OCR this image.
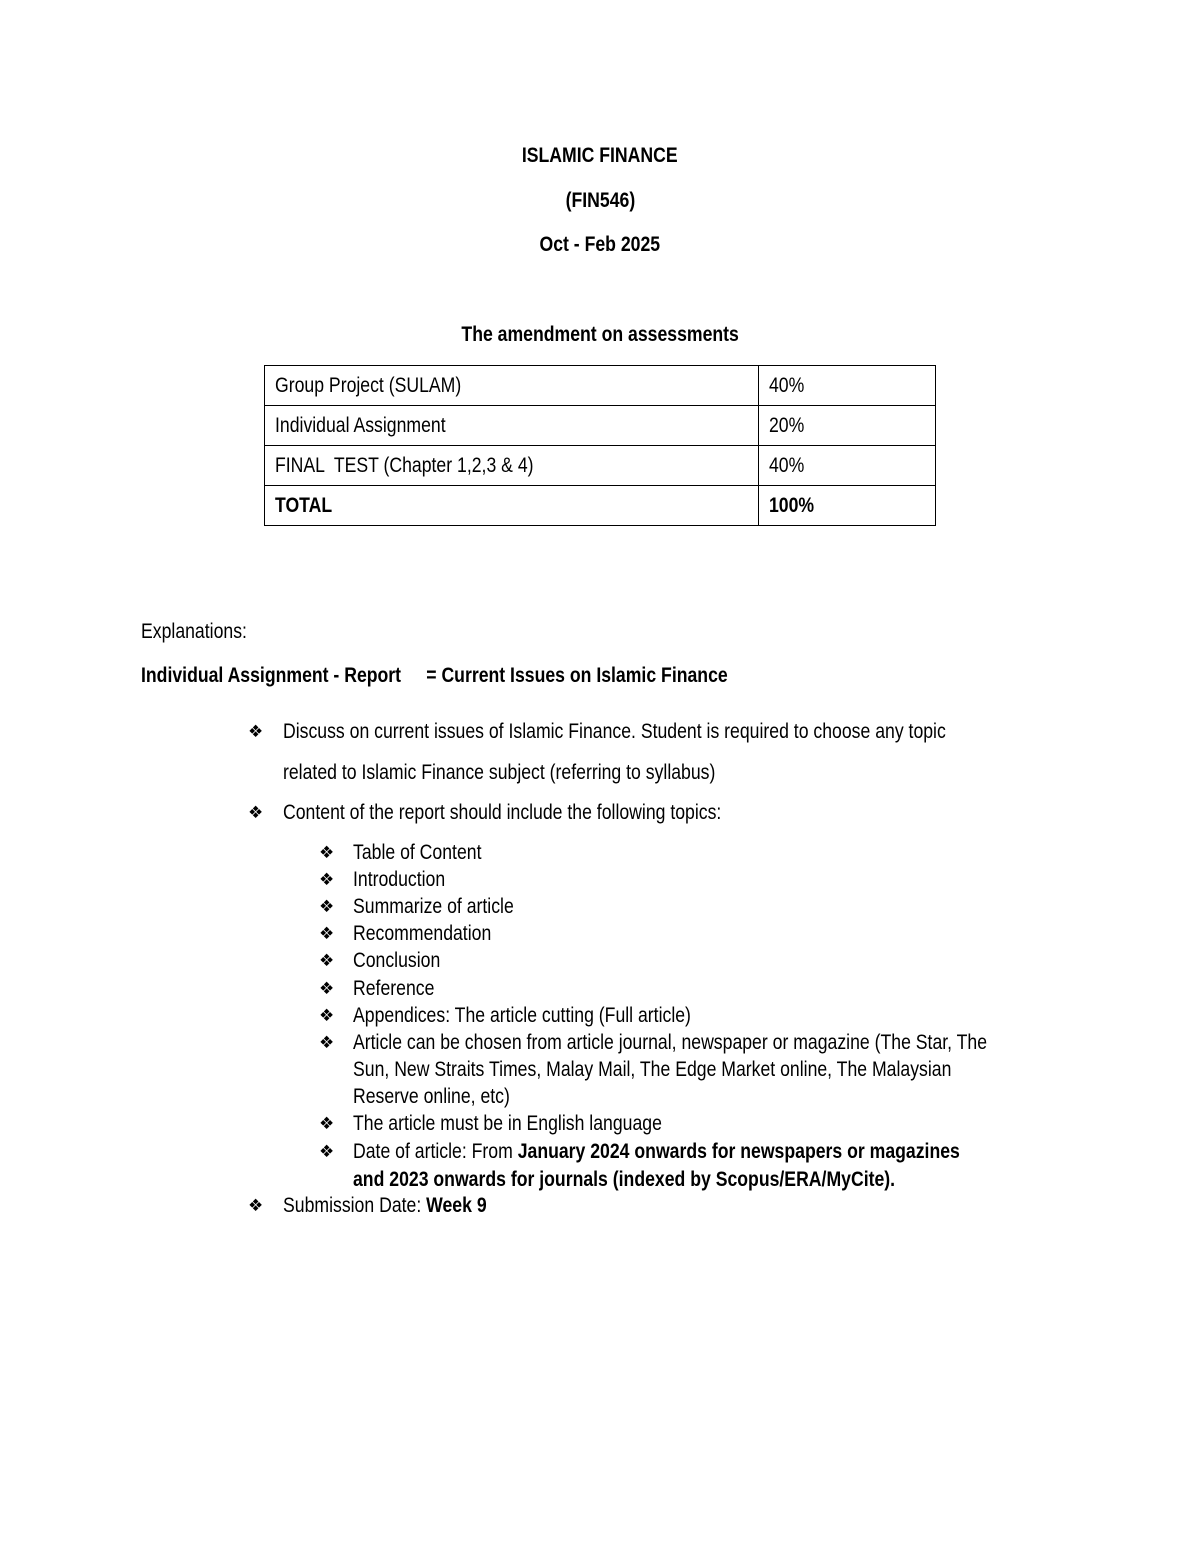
ISLAMIC FINANCE
(FIN546)
Oct - Feb 2025
The amendment on assessments
Group Project (SULAM)	40%
Individual Assignment	20%
FINAL  TEST (Chapter 1,2,3 & 4)	40%
TOTAL	100%
Explanations:
Individual Assignment - Report = Current Issues on Islamic Finance
❖ Discuss on current issues of Islamic Finance. Student is required to choose any topic
related to Islamic Finance subject (referring to syllabus)
❖ Content of the report should include the following topics:
❖ Table of Content
❖ Introduction
❖ Summarize of article
❖ Recommendation
❖ Conclusion
❖ Reference
❖ Appendices: The article cutting (Full article)
❖ Article can be chosen from article journal, newspaper or magazine (The Star, The
Sun, New Straits Times, Malay Mail, The Edge Market online, The Malaysian
Reserve online, etc)
❖ The article must be in English language
❖ Date of article: From January 2024 onwards for newspapers or magazines
and 2023 onwards for journals (indexed by Scopus/ERA/MyCite).
❖ Submission Date: Week 9
